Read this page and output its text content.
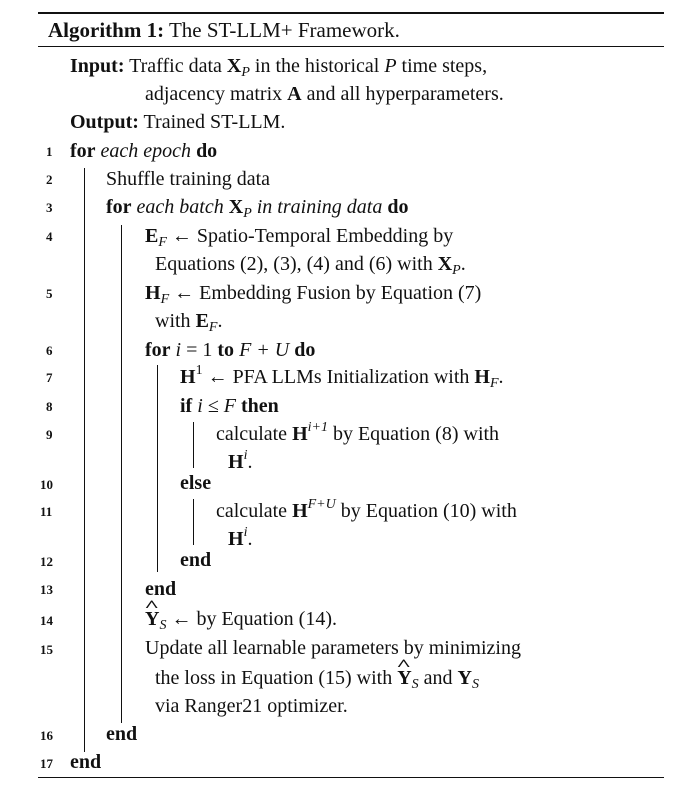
Algorithm 1: The ST-LLM+ Framework.
Input: Traffic data $X_P$ in the historical P time steps,
adjacency matrix A and all hyperparameters.
Output: Trained ST-LLM.
1
2
3
4
5
6
7
8
9
10
11
12
13
14
15
16
17
for each epoch do
Shuffle training data
for each batch $X_P$ in training data do
$E_F$ ← Spatio-Temporal Embedding by
Equations (2), (3), (4) and (6) with $X_P$.
$H_F$ ← Embedding Fusion by Equation (7)
with $E_F$.
for i = 1 to F + U do
$H^1$ ← PFA LLMs Initialization with $H_F$.
if i ≤ F then
calculate $H^{i+1}$ by Equation (8) with
$H^i$.
else
calculate $H^{F+U}$ by Equation (10) with
$H^i$.
end
end
^ $Y_S$ ← by Equation (14).
Update all learnable parameters by minimizing
the loss in Equation (15) with ^ $Y_S$ and $Y_S$
via Ranger21 optimizer.
end
end
